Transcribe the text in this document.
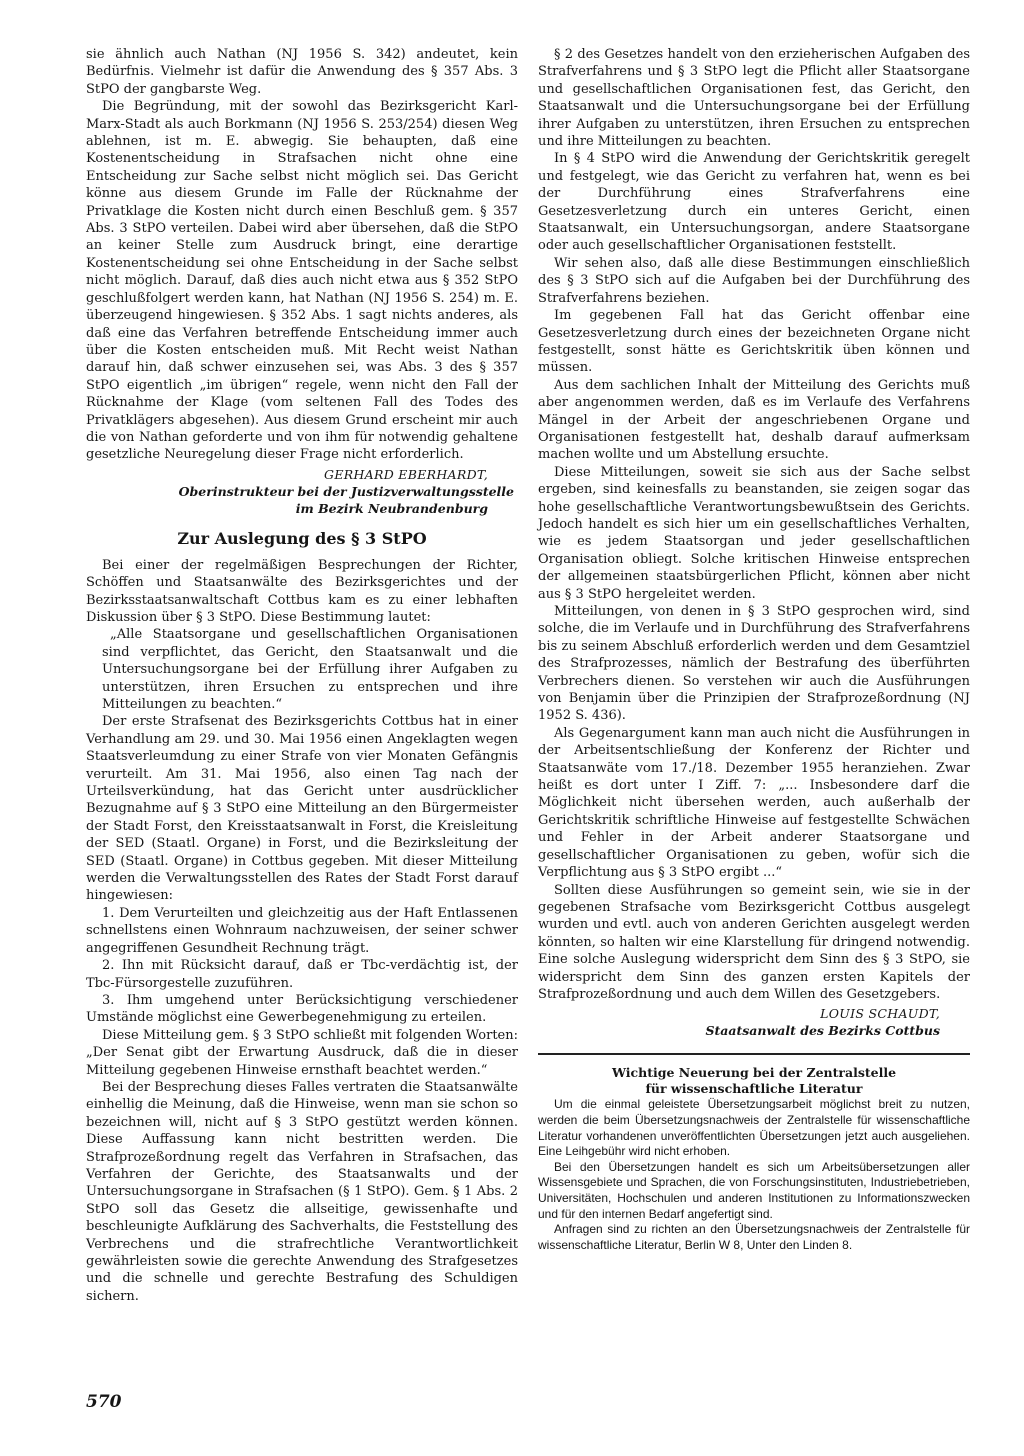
sie ähnlich auch Nathan (NJ 1956 S. 342) andeutet, kein Bedürfnis. Vielmehr ist dafür die Anwendung des § 357 Abs. 3 StPO der gangbarste Weg.

Die Begründung, mit der sowohl das Bezirksgericht Karl-Marx-Stadt als auch Borkmann (NJ 1956 S. 253/254) diesen Weg ablehnen, ist m. E. abwegig. Sie behaupten, daß eine Kostenentscheidung in Strafsachen nicht ohne eine Entscheidung zur Sache selbst nicht möglich sei. Das Gericht könne aus diesem Grunde im Falle der Rücknahme der Privatklage die Kosten nicht durch einen Beschluß gem. § 357 Abs. 3 StPO verteilen. Dabei wird aber übersehen, daß die StPO an keiner Stelle zum Ausdruck bringt, eine derartige Kostenentscheidung sei ohne Entscheidung in der Sache selbst nicht möglich. Darauf, daß dies auch nicht etwa aus § 352 StPO geschlußfolgert werden kann, hat Nathan (NJ 1956 S. 254) m. E. überzeugend hingewiesen. § 352 Abs. 1 sagt nichts anderes, als daß eine das Verfahren betreffende Entscheidung immer auch über die Kosten entscheiden muß. Mit Recht weist Nathan darauf hin, daß schwer einzusehen sei, was Abs. 3 des § 357 StPO eigentlich „im übrigen“ regele, wenn nicht den Fall der Rücknahme der Klage (vom seltenen Fall des Todes des Privatklägers abgesehen). Aus diesem Grund erscheint mir auch die von Nathan geforderte und von ihm für notwendig gehaltene gesetzliche Neuregelung dieser Frage nicht erforderlich.

GERHARD EBERHARDT,

Oberinstrukteur bei der Justizverwaltungsstelle

im Bezirk Neubrandenburg

Zur Auslegung des § 3 StPO

Bei einer der regelmäßigen Besprechungen der Richter, Schöffen und Staatsanwälte des Bezirksgerichtes und der Bezirksstaatsanwaltschaft Cottbus kam es zu einer lebhaften Diskussion über § 3 StPO. Diese Bestimmung lautet:

„Alle Staatsorgane und gesellschaftlichen Organisationen sind verpflichtet, das Gericht, den Staatsanwalt und die Untersuchungsorgane bei der Erfüllung ihrer Aufgaben zu unterstützen, ihren Ersuchen zu entsprechen und ihre Mitteilungen zu beachten.“

Der erste Strafsenat des Bezirksgerichts Cottbus hat in einer Verhandlung am 29. und 30. Mai 1956 einen Angeklagten wegen Staatsverleumdung zu einer Strafe von vier Monaten Gefängnis verurteilt. Am 31. Mai 1956, also einen Tag nach der Urteilsverkündung, hat das Gericht unter ausdrücklicher Bezugnahme auf § 3 StPO eine Mitteilung an den Bürgermeister der Stadt Forst, den Kreisstaatsanwalt in Forst, die Kreisleitung der SED (Staatl. Organe) in Forst, und die Bezirksleitung der SED (Staatl. Organe) in Cottbus gegeben. Mit dieser Mitteilung werden die Verwaltungsstellen des Rates der Stadt Forst darauf hingewiesen:

1. Dem Verurteilten und gleichzeitig aus der Haft Entlassenen schnellstens einen Wohnraum nachzuweisen, der seiner schwer angegriffenen Gesundheit Rechnung trägt.

2. Ihn mit Rücksicht darauf, daß er Tbc-verdächtig ist, der Tbc-Fürsorgestelle zuzuführen.

3. Ihm umgehend unter Berücksichtigung verschiedener Umstände möglichst eine Gewerbegenehmigung zu erteilen.

Diese Mitteilung gem. § 3 StPO schließt mit folgenden Worten: „Der Senat gibt der Erwartung Ausdruck, daß die in dieser Mitteilung gegebenen Hinweise ernsthaft beachtet werden.“

Bei der Besprechung dieses Falles vertraten die Staatsanwälte einhellig die Meinung, daß die Hinweise, wenn man sie schon so bezeichnen will, nicht auf § 3 StPO gestützt werden können. Diese Auffassung kann nicht bestritten werden. Die Strafprozeßordnung regelt das Verfahren in Strafsachen, das Verfahren der Gerichte, des Staatsanwalts und der Untersuchungsorgane in Strafsachen (§ 1 StPO). Gem. § 1 Abs. 2 StPO soll das Gesetz die allseitige, gewissenhafte und beschleunigte Aufklärung des Sachverhalts, die Feststellung des Verbrechens und die strafrechtliche Verantwortlichkeit gewährleisten sowie die gerechte Anwendung des Strafgesetzes und die schnelle und gerechte Bestrafung des Schuldigen sichern.

§ 2 des Gesetzes handelt von den erzieherischen Aufgaben des Strafverfahrens und § 3 StPO legt die Pflicht aller Staatsorgane und gesellschaftlichen Organisationen fest, das Gericht, den Staatsanwalt und die Untersuchungsorgane bei der Erfüllung ihrer Aufgaben zu unterstützen, ihren Ersuchen zu entsprechen und ihre Mitteilungen zu beachten.

In § 4 StPO wird die Anwendung der Gerichtskritik geregelt und festgelegt, wie das Gericht zu verfahren hat, wenn es bei der Durchführung eines Strafverfahrens eine Gesetzesverletzung durch ein unteres Gericht, einen Staatsanwalt, ein Untersuchungsorgan, andere Staatsorgane oder auch gesellschaftlicher Organisationen feststellt.

Wir sehen also, daß alle diese Bestimmungen einschließlich des § 3 StPO sich auf die Aufgaben bei der Durchführung des Strafverfahrens beziehen.

Im gegebenen Fall hat das Gericht offenbar eine Gesetzesverletzung durch eines der bezeichneten Organe nicht festgestellt, sonst hätte es Gerichtskritik üben können und müssen.

Aus dem sachlichen Inhalt der Mitteilung des Gerichts muß aber angenommen werden, daß es im Verlaufe des Verfahrens Mängel in der Arbeit der angeschriebenen Organe und Organisationen festgestellt hat, deshalb darauf aufmerksam machen wollte und um Abstellung ersuchte.

Diese Mitteilungen, soweit sie sich aus der Sache selbst ergeben, sind keinesfalls zu beanstanden, sie zeigen sogar das hohe gesellschaftliche Verantwortungsbewußtsein des Gerichts. Jedoch handelt es sich hier um ein gesellschaftliches Verhalten, wie es jedem Staatsorgan und jeder gesellschaftlichen Organisation obliegt. Solche kritischen Hinweise entsprechen der allgemeinen staatsbürgerlichen Pflicht, können aber nicht aus § 3 StPO hergeleitet werden.

Mitteilungen, von denen in § 3 StPO gesprochen wird, sind solche, die im Verlaufe und in Durchführung des Strafverfahrens bis zu seinem Abschluß erforderlich werden und dem Gesamtziel des Strafprozesses, nämlich der Bestrafung des überführten Verbrechers dienen. So verstehen wir auch die Ausführungen von Benjamin über die Prinzipien der Strafprozeßordnung (NJ 1952 S. 436).

Als Gegenargument kann man auch nicht die Ausführungen in der Arbeitsentschließung der Konferenz der Richter und Staatsanwäte vom 17./18. Dezember 1955 heranziehen. Zwar heißt es dort unter I Ziff. 7: „... Insbesondere darf die Möglichkeit nicht übersehen werden, auch außerhalb der Gerichtskritik schriftliche Hinweise auf festgestellte Schwächen und Fehler in der Arbeit anderer Staatsorgane und gesellschaftlicher Organisationen zu geben, wofür sich die Verpflichtung aus § 3 StPO ergibt ...“

Sollten diese Ausführungen so gemeint sein, wie sie in der gegebenen Strafsache vom Bezirksgericht Cottbus ausgelegt wurden und evtl. auch von anderen Gerichten ausgelegt werden könnten, so halten wir eine Klarstellung für dringend notwendig. Eine solche Auslegung widerspricht dem Sinn des § 3 StPO, sie widerspricht dem Sinn des ganzen ersten Kapitels der Strafprozeßordnung und auch dem Willen des Gesetzgebers.

LOUIS SCHAUDT,

Staatsanwalt des Bezirks Cottbus

Wichtige Neuerung bei der Zentralstelle

für wissenschaftliche Literatur

Um die einmal geleistete Übersetzungsarbeit möglichst breit zu nutzen, werden die beim Übersetzungsnachweis der Zentralstelle für wissenschaftliche Literatur vorhandenen unveröffentlichten Übersetzungen jetzt auch ausgeliehen. Eine Leihgebühr wird nicht erhoben.

Bei den Übersetzungen handelt es sich um Arbeitsübersetzungen aller Wissensgebiete und Sprachen, die von Forschungsinstituten, Industriebetrieben, Universitäten, Hochschulen und anderen Institutionen zu Informationszwecken und für den internen Bedarf angefertigt sind.

Anfragen sind zu richten an den Übersetzungsnachweis der Zentralstelle für wissenschaftliche Literatur, Berlin W 8, Unter den Linden 8.

570
